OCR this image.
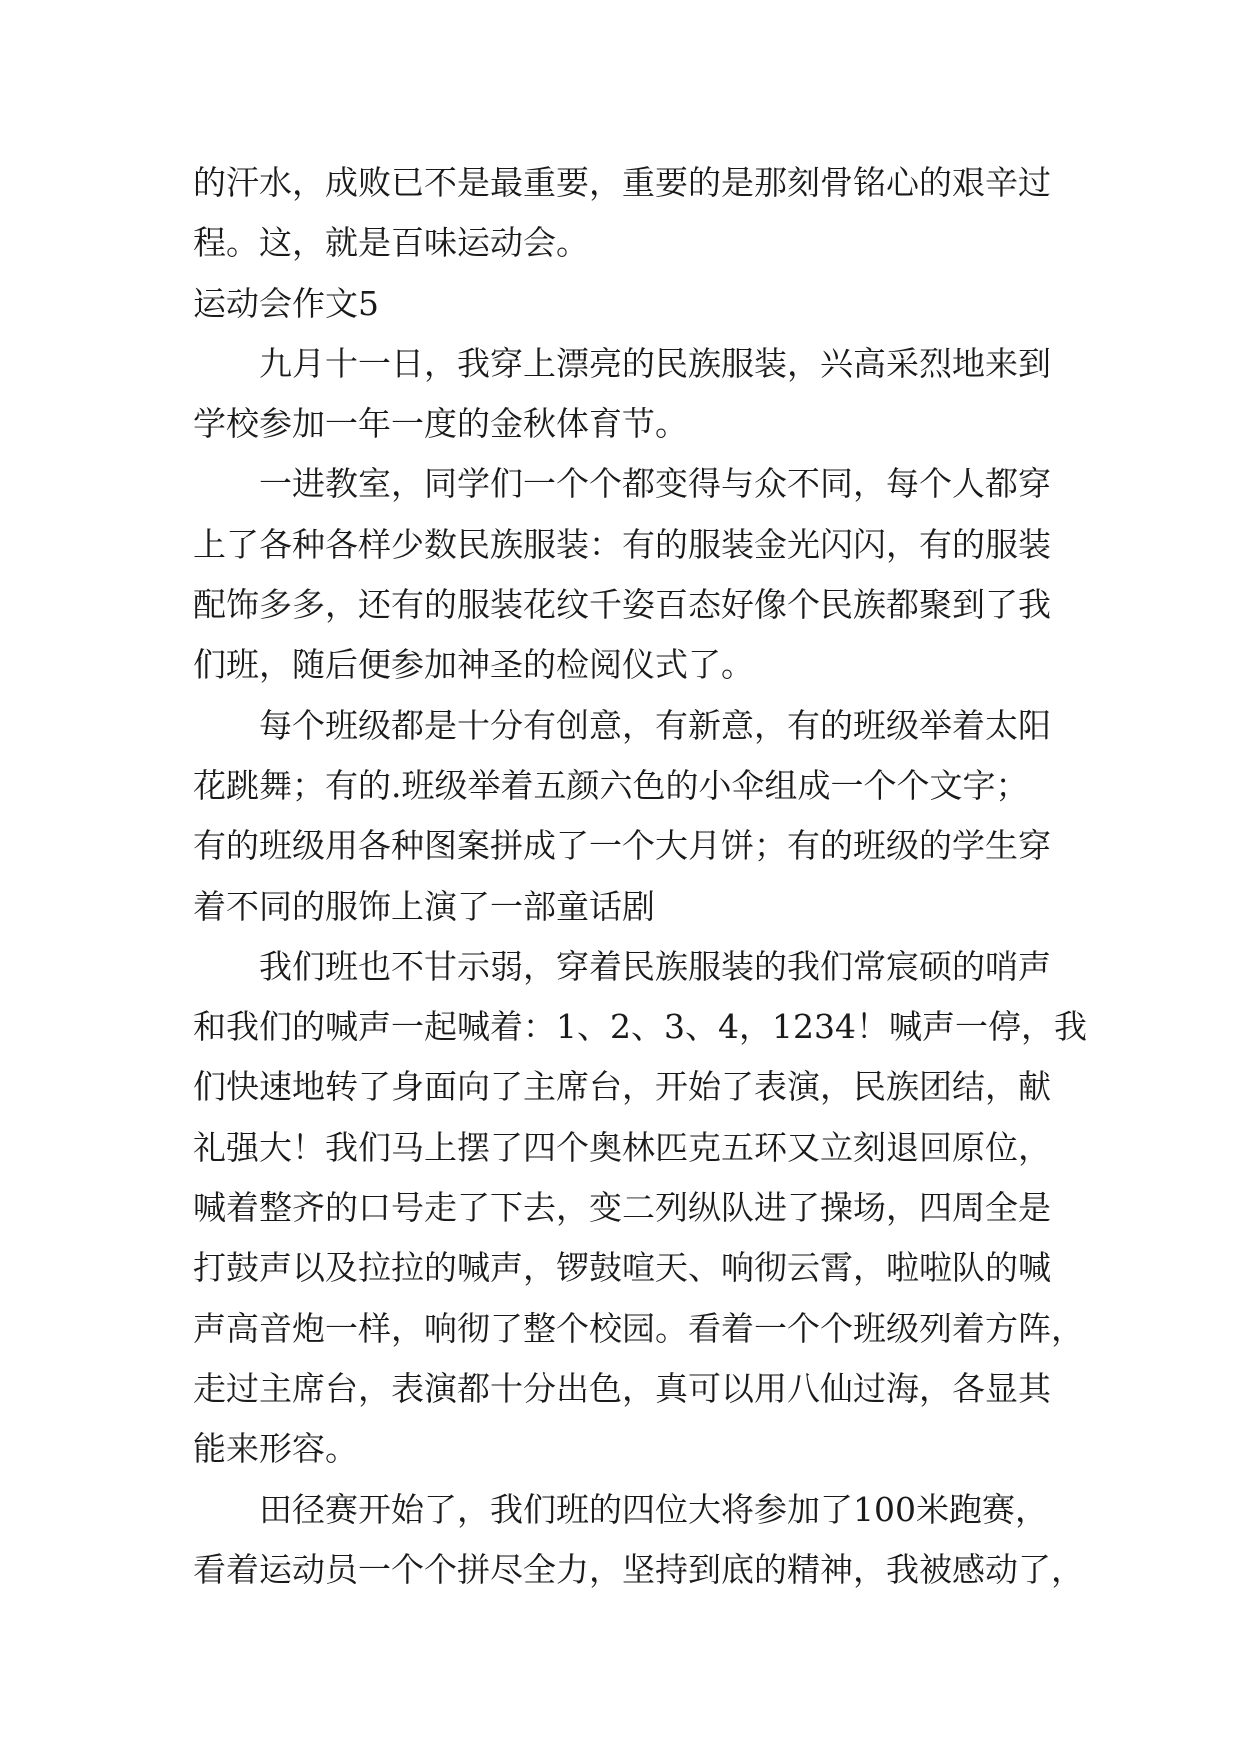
的汗水，成败已不是最重要，重要的是那刻骨铭心的艰辛过
程。这，就是百味运动会。
运动会作文5
九月十一日，我穿上漂亮的民族服装，兴高采烈地来到
学校参加一年一度的金秋体育节。
一进教室，同学们一个个都变得与众不同，每个人都穿
上了各种各样少数民族服装：有的服装金光闪闪，有的服装
配饰多多，还有的服装花纹千姿百态好像个民族都聚到了我
们班，随后便参加神圣的检阅仪式了。
每个班级都是十分有创意，有新意，有的班级举着太阳
花跳舞；有的.班级举着五颜六色的小伞组成一个个文字；
有的班级用各种图案拼成了一个大月饼；有的班级的学生穿
着不同的服饰上演了一部童话剧
我们班也不甘示弱，穿着民族服装的我们常宸硕的哨声
和我们的喊声一起喊着：1、2、3、4，1234！喊声一停，我
们快速地转了身面向了主席台，开始了表演，民族团结，献
礼强大！我们马上摆了四个奥林匹克五环又立刻退回原位，
喊着整齐的口号走了下去，变二列纵队进了操场，四周全是
打鼓声以及拉拉的喊声，锣鼓喧天、响彻云霄，啦啦队的喊
声高音炮一样，响彻了整个校园。看着一个个班级列着方阵，
走过主席台，表演都十分出色，真可以用八仙过海，各显其
能来形容。
田径赛开始了，我们班的四位大将参加了100米跑赛，
看着运动员一个个拼尽全力，坚持到底的精神，我被感动了，
